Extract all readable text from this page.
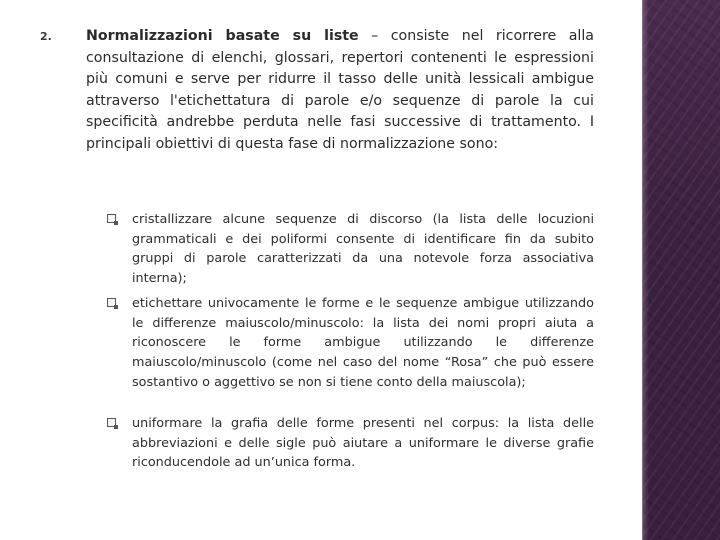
2. Normalizzazioni basate su liste – consiste nel ricorrere alla consultazione di elenchi, glossari, repertori contenenti le espressioni più comuni e serve per ridurre il tasso delle unità lessicali ambigue attraverso l'etichettatura di parole e/o sequenze di parole la cui specificità andrebbe perduta nelle fasi successive di trattamento. I principali obiettivi di questa fase di normalizzazione sono:
cristallizzare alcune sequenze di discorso (la lista delle locuzioni grammaticali e dei poliformi consente di identificare fin da subito gruppi di parole caratterizzati da una notevole forza associativa interna);
etichettare univocamente le forme e le sequenze ambigue utilizzando le differenze maiuscolo/minuscolo: la lista dei nomi propri aiuta a riconoscere le forme ambigue utilizzando le differenze maiuscolo/minuscolo (come nel caso del nome “Rosa” che può essere sostantivo o aggettivo se non si tiene conto della maiuscola);
uniformare la grafia delle forme presenti nel corpus: la lista delle abbreviazioni e delle sigle può aiutare a uniformare le diverse grafie riconducendole ad un’unica forma.
